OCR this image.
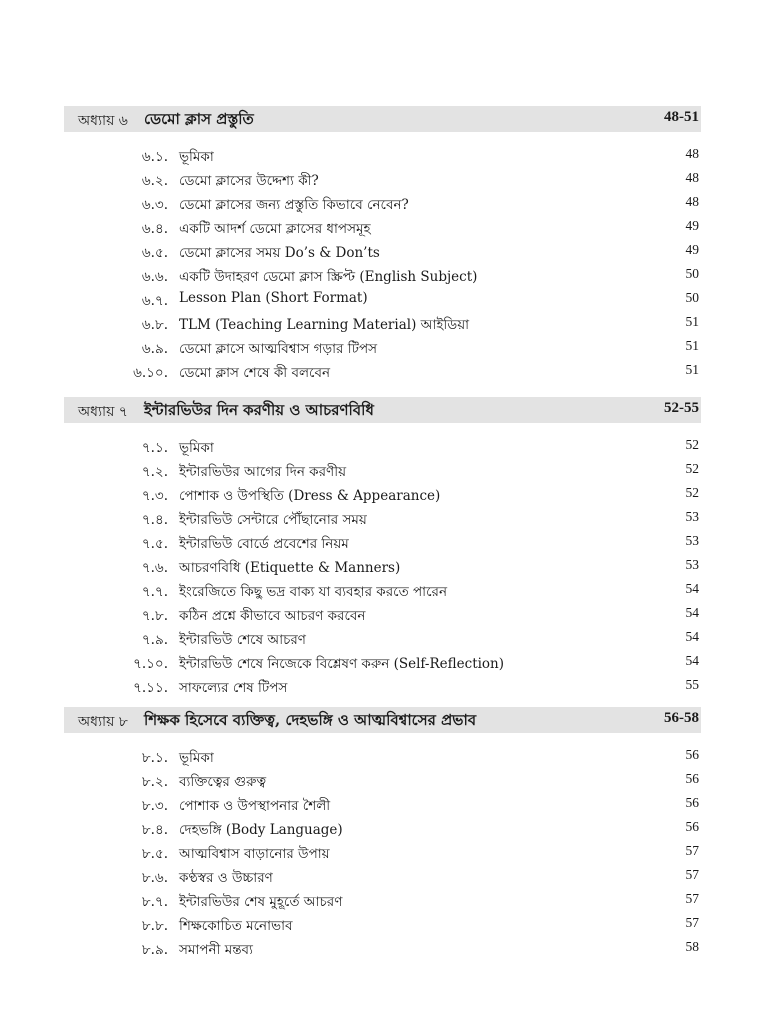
অধ্যায় ৬ ডেমো ক্লাস প্রস্তুতি	48-51
৬.১. ভূমিকা	48
৬.২. ডেমো ক্লাসের উদ্দেশ্য কী?	48
৬.৩. ডেমো ক্লাসের জন্য প্রস্তুতি কিভাবে নেবেন?	48
৬.৪. একটি আদর্শ ডেমো ক্লাসের ধাপসমূহ	49
৬.৫. ডেমো ক্লাসের সময় Do’s & Don’ts	49
৬.৬. একটি উদাহরণ ডেমো ক্লাস স্ক্রিপ্ট (English Subject)	50
৬.৭. Lesson Plan (Short Format)	50
৬.৮. TLM (Teaching Learning Material) আইডিয়া	51
৬.৯. ডেমো ক্লাসে আত্মবিশ্বাস গড়ার টিপস	51
৬.১০. ডেমো ক্লাস শেষে কী বলবেন	51
অধ্যায় ৭ ইন্টারভিউর দিন করণীয় ও আচরণবিধি	52-55
৭.১. ভূমিকা	52
৭.২. ইন্টারভিউর আগের দিন করণীয়	52
৭.৩. পোশাক ও উপস্থিতি (Dress & Appearance)	52
৭.৪. ইন্টারভিউ সেন্টারে পৌঁছানোর সময়	53
৭.৫. ইন্টারভিউ বোর্ডে প্রবেশের নিয়ম	53
৭.৬. আচরণবিধি (Etiquette & Manners)	53
৭.৭. ইংরেজিতে কিছু ভদ্র বাক্য যা ব্যবহার করতে পারেন	54
৭.৮. কঠিন প্রশ্নে কীভাবে আচরণ করবেন	54
৭.৯. ইন্টারভিউ শেষে আচরণ	54
৭.১০. ইন্টারভিউ শেষে নিজেকে বিশ্লেষণ করুন (Self-Reflection)	54
৭.১১. সাফল্যের শেষ টিপস	55
অধ্যায় ৮ শিক্ষক হিসেবে ব্যক্তিত্ব, দেহভঙ্গি ও আত্মবিশ্বাসের প্রভাব	56-58
৮.১. ভূমিকা	56
৮.২. ব্যক্তিত্বের গুরুত্ব	56
৮.৩. পোশাক ও উপস্থাপনার শৈলী	56
৮.৪. দেহভঙ্গি (Body Language)	56
৮.৫. আত্মবিশ্বাস বাড়ানোর উপায়	57
৮.৬. কণ্ঠস্বর ও উচ্চারণ	57
৮.৭. ইন্টারভিউর শেষ মুহূর্তে আচরণ	57
৮.৮. শিক্ষকোচিত মনোভাব	57
৮.৯. সমাপনী মন্তব্য	58
